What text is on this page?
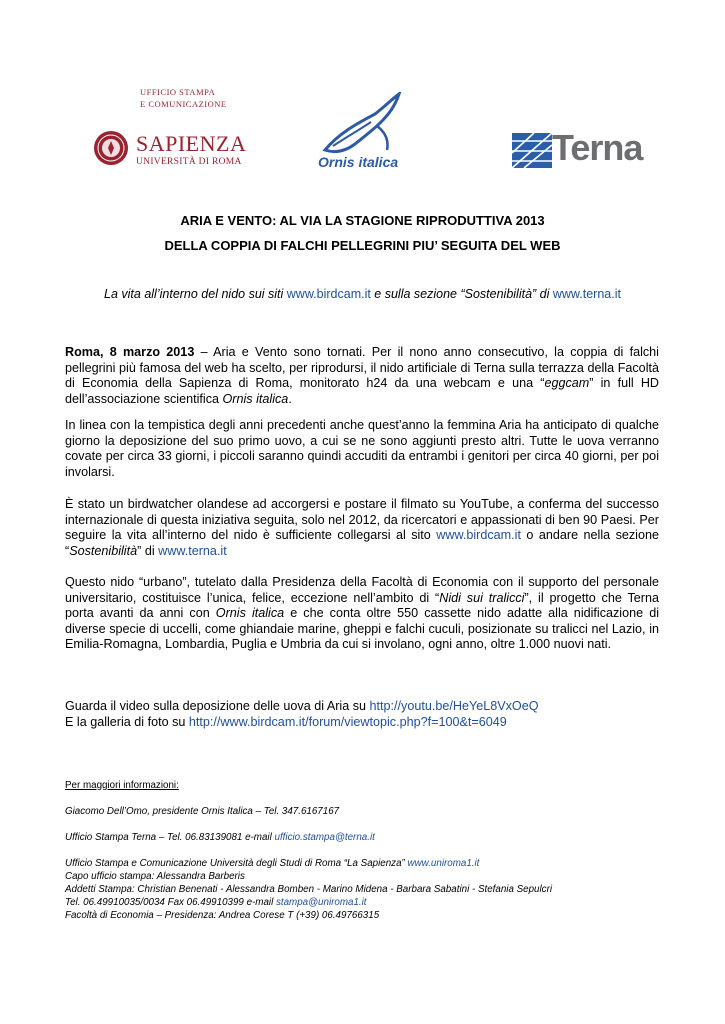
UFFICIO STAMPA
E COMUNICAZIONE
SAPIENZA
UNIVERSITÀ DI ROMA	Ornis italica	Terna
ARIA E VENTO: AL VIA LA STAGIONE RIPRODUTTIVA 2013
DELLA COPPIA DI FALCHI PELLEGRINI PIU’ SEGUITA DEL WEB
La vita all’interno del nido sui siti www.birdcam.it e sulla sezione “Sostenibilità” di www.terna.it
Roma, 8 marzo 2013 – Aria e Vento sono tornati. Per il nono anno consecutivo, la coppia di falchi pellegrini più famosa del web ha scelto, per riprodursi, il nido artificiale di Terna sulla terrazza della Facoltà di Economia della Sapienza di Roma, monitorato h24 da una webcam e una “eggcam” in full HD dell’associazione scientifica Ornis italica.
In linea con la tempistica degli anni precedenti anche quest’anno la femmina Aria ha anticipato di qualche giorno la deposizione del suo primo uovo, a cui se ne sono aggiunti presto altri. Tutte le uova verranno covate per circa 33 giorni, i piccoli saranno quindi accuditi da entrambi i genitori per circa 40 giorni, per poi involarsi.
È stato un birdwatcher olandese ad accorgersi e postare il filmato su YouTube, a conferma del successo internazionale di questa iniziativa seguita, solo nel 2012, da ricercatori e appassionati di ben 90 Paesi. Per seguire la vita all’interno del nido è sufficiente collegarsi al sito www.birdcam.it o andare nella sezione “Sostenibilità” di www.terna.it
Questo nido “urbano”, tutelato dalla Presidenza della Facoltà di Economia con il supporto del personale universitario, costituisce l’unica, felice, eccezione nell’ambito di “Nidi sui tralicci”, il progetto che Terna porta avanti da anni con Ornis italica e che conta oltre 550 cassette nido adatte alla nidificazione di diverse specie di uccelli, come ghiandaie marine, gheppi e falchi cuculi, posizionate su tralicci nel Lazio, in Emilia-Romagna, Lombardia, Puglia e Umbria da cui si involano, ogni anno, oltre 1.000 nuovi nati.
Guarda il video sulla deposizione delle uova di Aria su http://youtu.be/HeYeL8VxOeQ
E la galleria di foto su http://www.birdcam.it/forum/viewtopic.php?f=100&t=6049
Per maggiori informazioni:
Giacomo Dell’Omo, presidente Ornis Italica – Tel. 347.6167167
Ufficio Stampa Terna – Tel. 06.83139081 e-mail ufficio.stampa@terna.it
Ufficio Stampa e Comunicazione Università degli Studi di Roma “La Sapienza” www.uniroma1.it
Capo ufficio stampa: Alessandra Barberis
Addetti Stampa: Christian Benenati - Alessandra Bomben - Marino Midena - Barbara Sabatini - Stefania Sepulcri
Tel. 06.49910035/0034 Fax 06.49910399 e-mail stampa@uniroma1.it
Facoltà di Economia – Presidenza: Andrea Corese T (+39) 06.49766315
